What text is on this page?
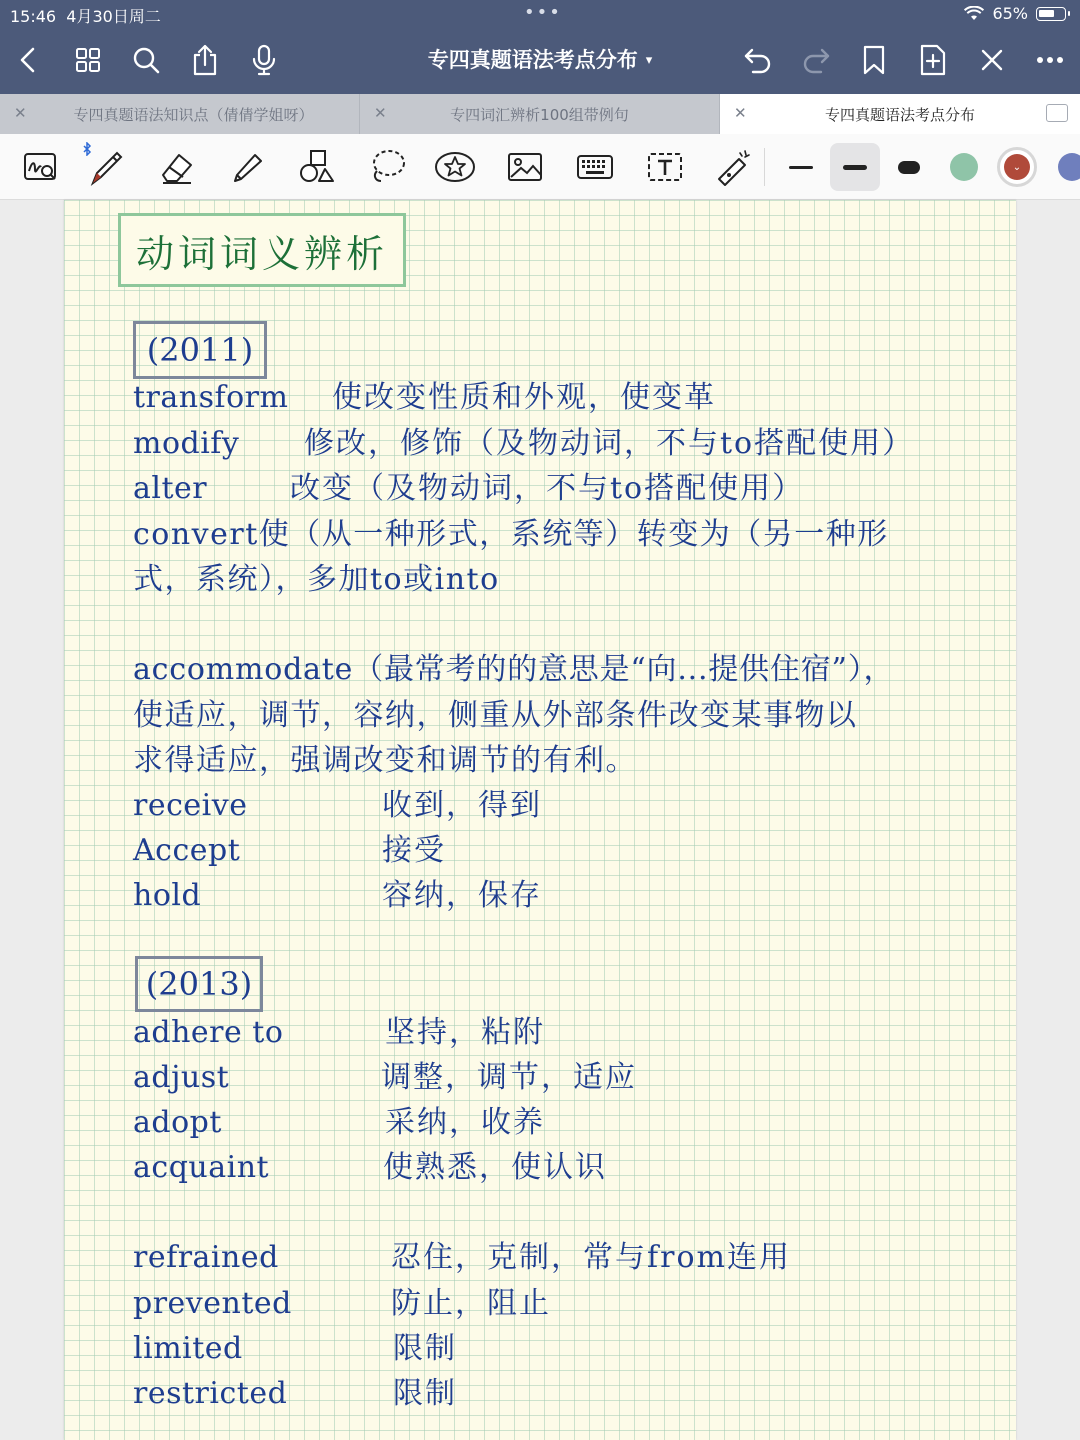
15:46 4月30日周二	•••	65%
专四真题语法考点分布 ▾
✕	专四真题语法知识点（倩倩学姐呀）	✕	专四词汇辨析100组带例句	✕	专四真题语法考点分布
⌄
动词词义辨析
(2011)
transform 使改变性质和外观，使变革
modify 修改，修饰（及物动词，不与to搭配使用）
alter	改变（及物动词，不与to搭配使用）
convert使（从一种形式，系统等）转变为（另一种形
式，系统），多加to或into
accommodate（最常考的的意思是“向...提供住宿”），
使适应，调节，容纳，侧重从外部条件改变某事物以
求得适应，强调改变和调节的有利。
receive	收到，得到
Accept	接受
hold	容纳，保存
(2013)
adhere to	坚持，粘附
adjust	调整，调节，适应
adopt	采纳，收养
acquaint	使熟悉，使认识
refrained	忍住，克制，常与from连用
prevented	防止，阻止
limited	限制
restricted	限制
